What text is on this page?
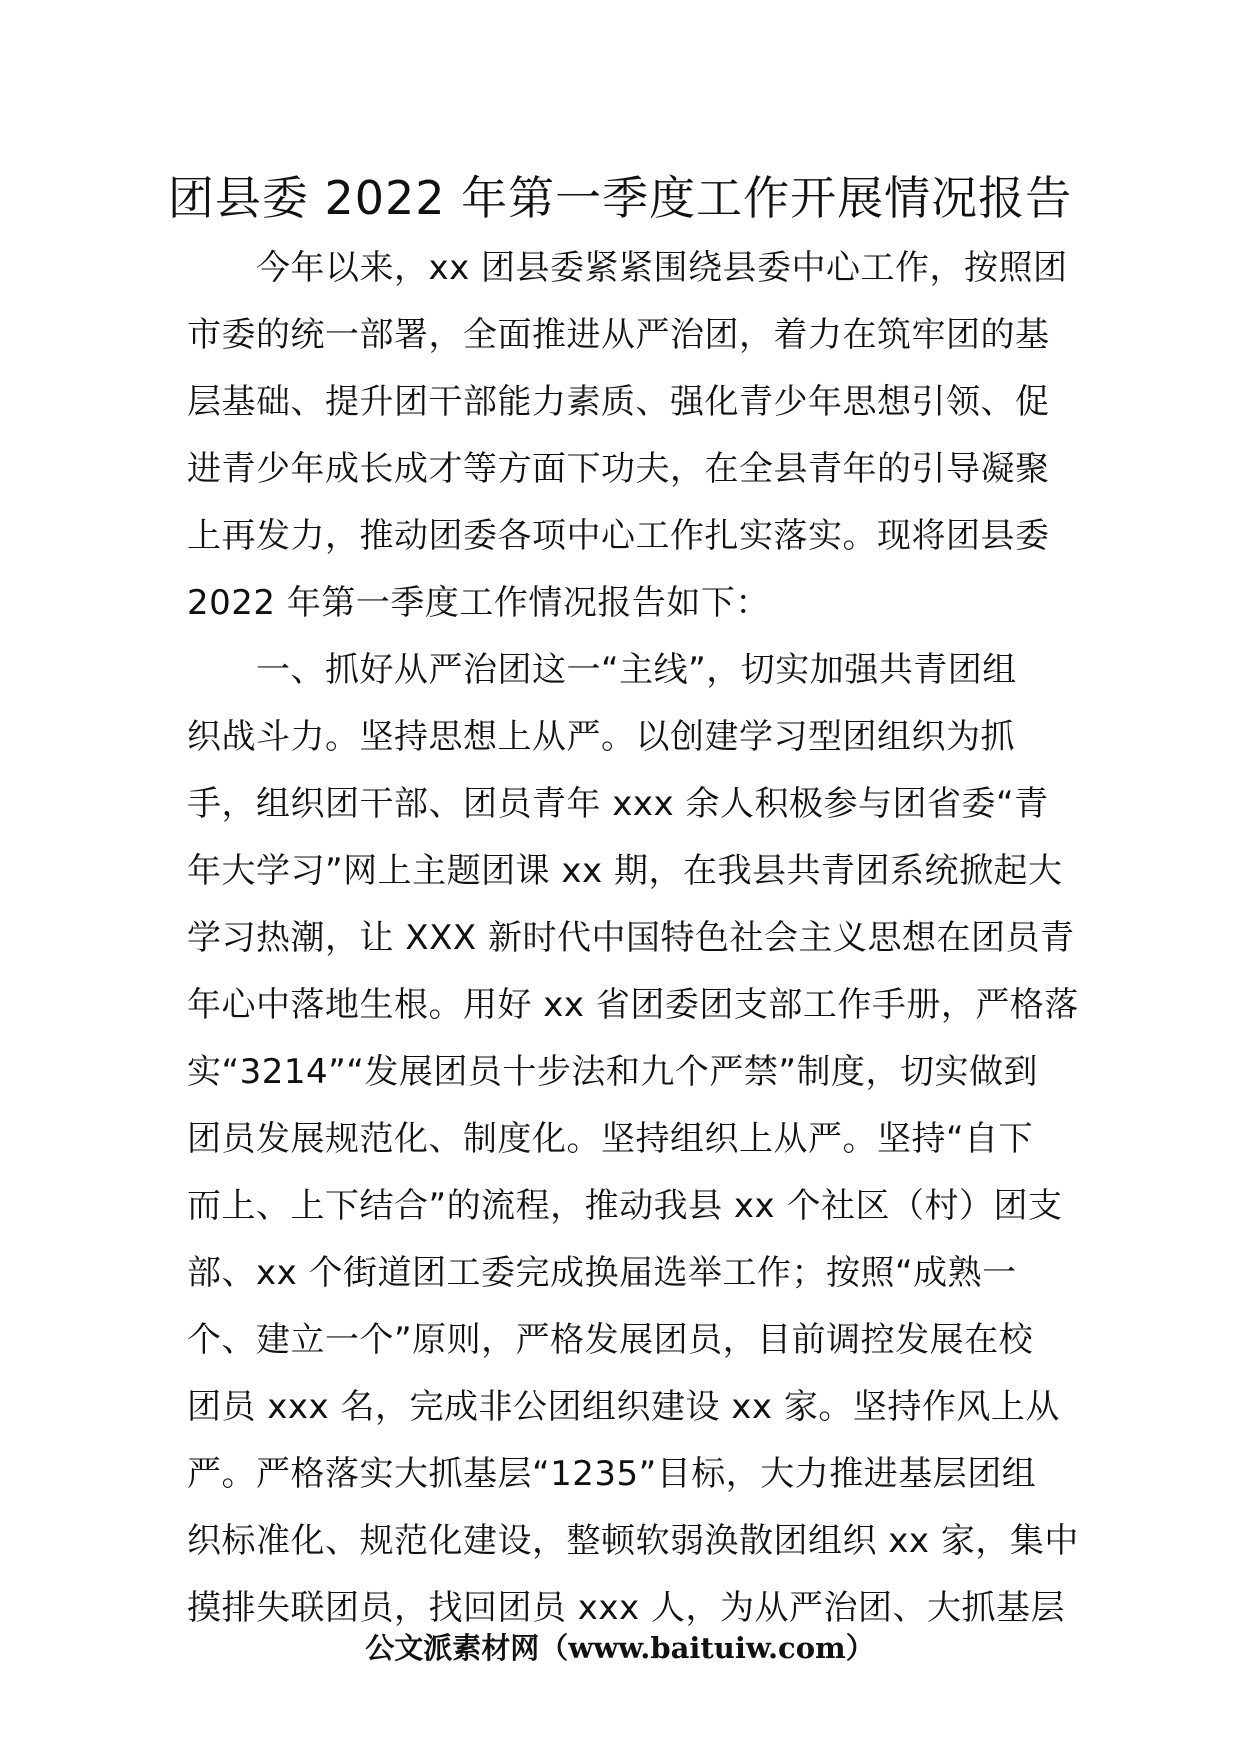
团县委 2022 年第一季度工作开展情况报告
　　今年以来，xx 团县委紧紧围绕县委中心工作，按照团
市委的统一部署，全面推进从严治团，着力在筑牢团的基
层基础、提升团干部能力素质、强化青少年思想引领、促
进青少年成长成才等方面下功夫，在全县青年的引导凝聚
上再发力，推动团委各项中心工作扎实落实。现将团县委
2022 年第一季度工作情况报告如下：
　　一、抓好从严治团这一“主线”，切实加强共青团组
织战斗力。坚持思想上从严。以创建学习型团组织为抓
手，组织团干部、团员青年 xxx 余人积极参与团省委“青
年大学习”网上主题团课 xx 期，在我县共青团系统掀起大
学习热潮，让 XXX 新时代中国特色社会主义思想在团员青
年心中落地生根。用好 xx 省团委团支部工作手册，严格落
实“3214”“发展团员十步法和九个严禁”制度，切实做到
团员发展规范化、制度化。坚持组织上从严。坚持“自下
而上、上下结合”的流程，推动我县 xx 个社区（村）团支
部、xx 个街道团工委完成换届选举工作；按照“成熟一
个、建立一个”原则，严格发展团员，目前调控发展在校
团员 xxx 名，完成非公团组织建设 xx 家。坚持作风上从
严。严格落实大抓基层“1235”目标，大力推进基层团组
织标准化、规范化建设，整顿软弱涣散团组织 xx 家，集中
摸排失联团员，找回团员 xxx 人，为从严治团、大抓基层
公文派素材网（www.baituiw.com）
